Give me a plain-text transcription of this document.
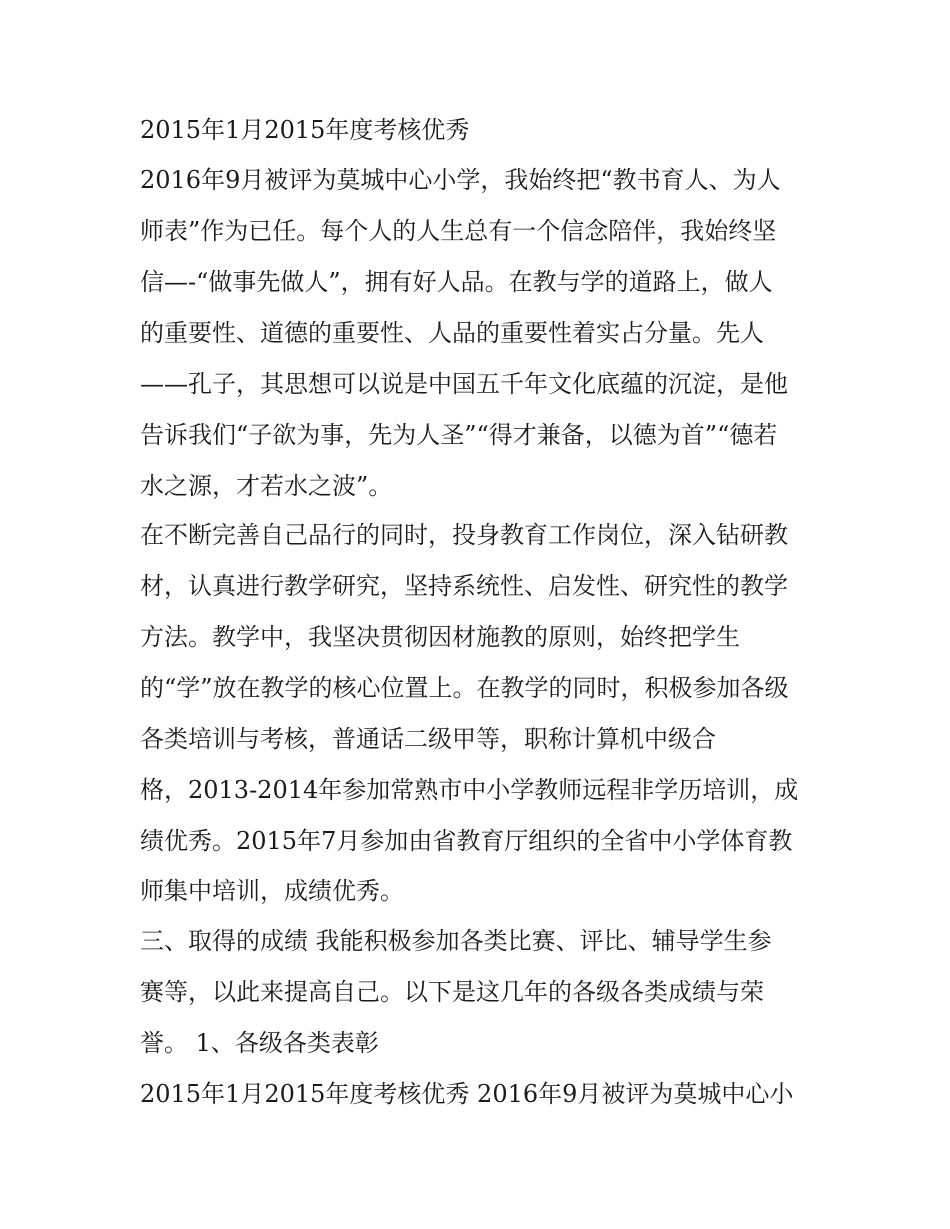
2015年1月2015年度考核优秀
2016年9月被评为莫城中心小学，我始终把“教书育人、为人
师表”作为已任。每个人的人生总有一个信念陪伴，我始终坚
信—-“做事先做人”，拥有好人品。在教与学的道路上，做人
的重要性、道德的重要性、人品的重要性着实占分量。先人
——孔子，其思想可以说是中国五千年文化底蕴的沉淀，是他
告诉我们“子欲为事，先为人圣”“得才兼备，以德为首”“德若
水之源，才若水之波”。
在不断完善自己品行的同时，投身教育工作岗位，深入钻研教
材，认真进行教学研究，坚持系统性、启发性、研究性的教学
方法。教学中，我坚决贯彻因材施教的原则，始终把学生
的“学”放在教学的核心位置上。在教学的同时，积极参加各级
各类培训与考核，普通话二级甲等，职称计算机中级合
格，2013-2014年参加常熟市中小学教师远程非学历培训，成
绩优秀。2015年7月参加由省教育厅组织的全省中小学体育教
师集中培训，成绩优秀。
三、取得的成绩 我能积极参加各类比赛、评比、辅导学生参
赛等，以此来提高自己。以下是这几年的各级各类成绩与荣
誉。 1、各级各类表彰
2015年1月2015年度考核优秀 2016年9月被评为莫城中心小
